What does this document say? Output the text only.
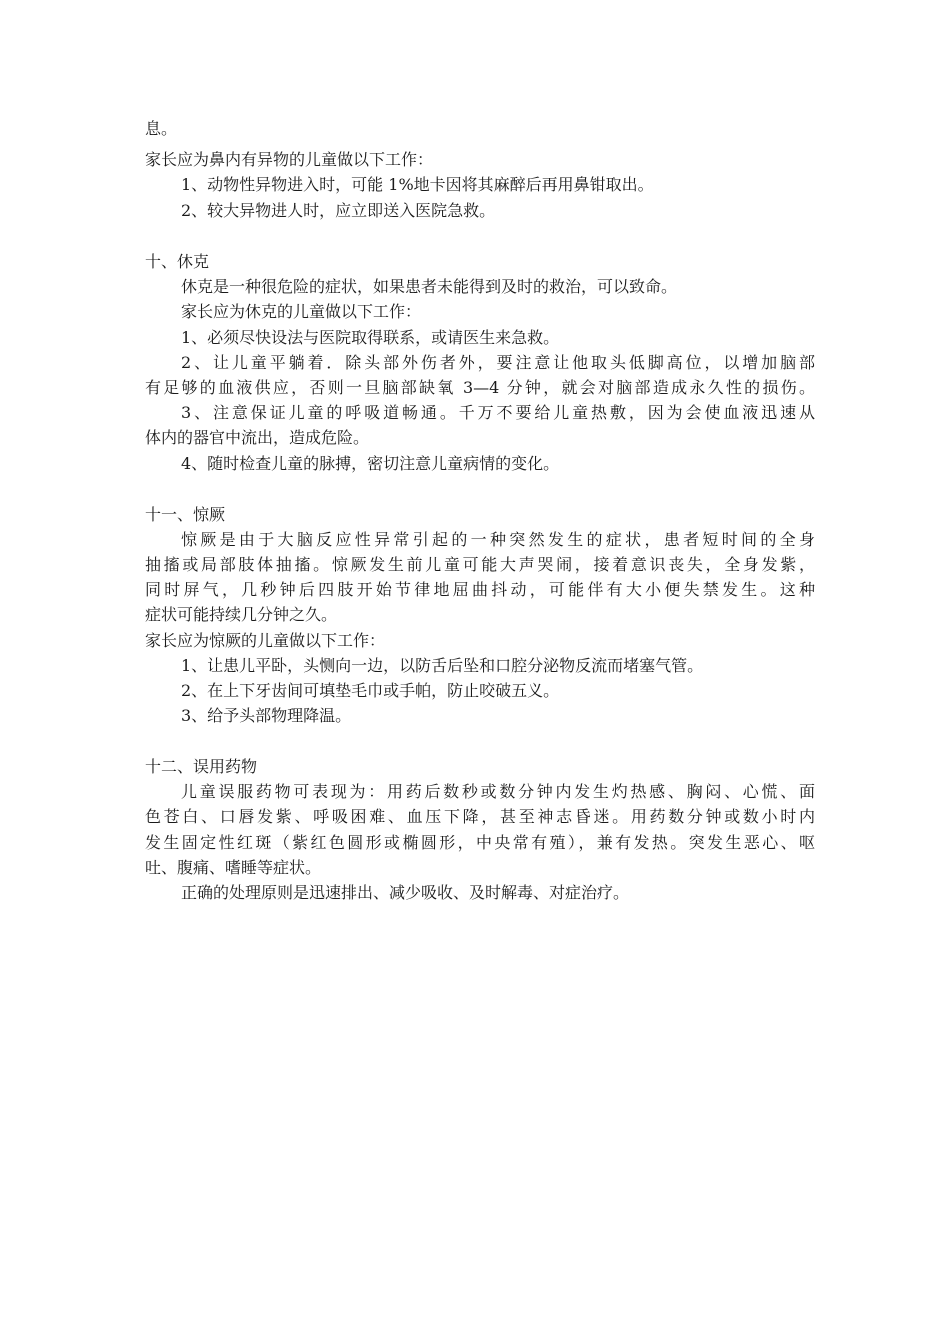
息。
家长应为鼻内有异物的儿童做以下工作：
1、动物性异物进入时，可能 1%地卡因将其麻醉后再用鼻钳取出。
2、较大异物进人时，应立即送入医院急救。
十、休克
休克是一种很危险的症状，如果患者未能得到及时的救治，可以致命。
家长应为休克的儿童做以下工作：
1、必须尽快设法与医院取得联系，或请医生来急救。
2、让儿童平躺着．除头部外伤者外，要注意让他取头低脚高位，以增加脑部
有足够的血液供应，否则一旦脑部缺氧 3—4 分钟，就会对脑部造成永久性的损伤。
3、注意保证儿童的呼吸道畅通。千万不要给儿童热敷，因为会使血液迅速从
体内的器官中流出，造成危险。
4、随时检查儿童的脉搏，密切注意儿童病情的变化。
十一、惊厥
惊厥是由于大脑反应性异常引起的一种突然发生的症状，患者短时间的全身
抽搐或局部肢体抽搐。惊厥发生前儿童可能大声哭闹，接着意识丧失，全身发紫，
同时屏气，几秒钟后四肢开始节律地屈曲抖动，可能伴有大小便失禁发生。这种
症状可能持续几分钟之久。
家长应为惊厥的儿童做以下工作：
1、让患儿平卧，头恻向一边，以防舌后坠和口腔分泌物反流而堵塞气管。
2、在上下牙齿间可填垫毛巾或手帕，防止咬破五义。
3、给予头部物理降温。
十二、误用药物
儿童误服药物可表现为：用药后数秒或数分钟内发生灼热感、胸闷、心慌、面
色苍白、口唇发紫、呼吸困难、血压下降，甚至神志昏迷。用药数分钟或数小时内
发生固定性红斑（紫红色圆形或椭圆形，中央常有殖），兼有发热。突发生恶心、呕
吐、腹痛、嗜睡等症状。
正确的处理原则是迅速排出、减少吸收、及时解毒、对症治疗。
